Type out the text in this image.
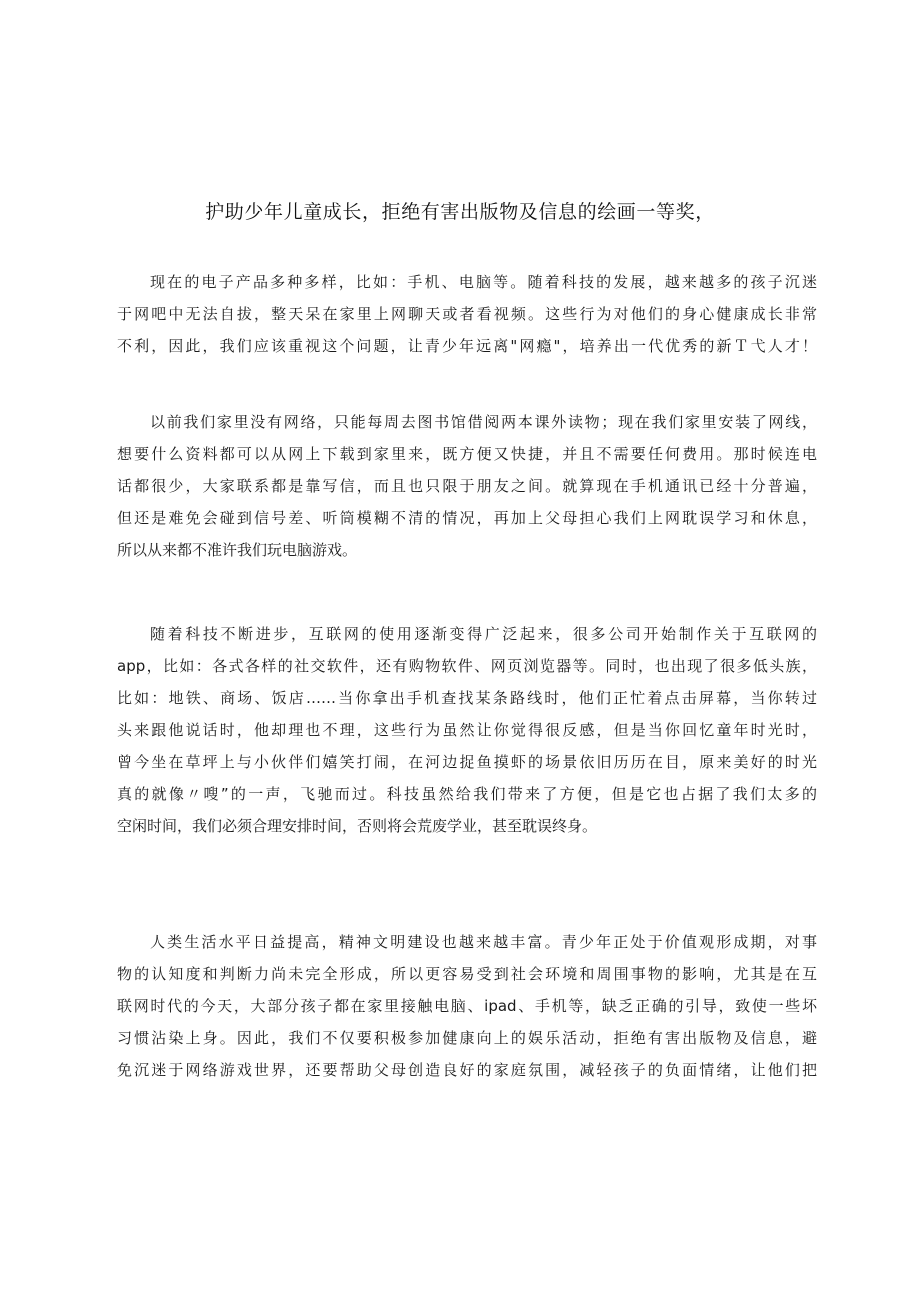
护助少年儿童成长，拒绝有害出版物及信息的绘画一等奖，
现在的电子产品多种多样，比如：手机、电脑等。随着科技的发展，越来越多的孩子沉迷
于网吧中无法自拔，整天呆在家里上网聊天或者看视频。这些行为对他们的身心健康成长非常
不利，因此，我们应该重视这个问题，让青少年远离"网瘾"，培养出一代优秀的新Ｔ弋人才！
以前我们家里没有网络，只能每周去图书馆借阅两本课外读物；现在我们家里安装了网线，
想要什么资料都可以从网上下载到家里来，既方便又快捷，并且不需要任何费用。那时候连电
话都很少，大家联系都是靠写信，而且也只限于朋友之间。就算现在手机通讯已经十分普遍，
但还是难免会碰到信号差、听筒模糊不清的情况，再加上父母担心我们上网耽误学习和休息，
所以从来都不准许我们玩电脑游戏。
随着科技不断进步，互联网的使用逐渐变得广泛起来，很多公司开始制作关于互联网的
app，比如：各式各样的社交软件，还有购物软件、网页浏览器等。同时，也出现了很多低头族，
比如：地铁、商场、饭店……当你拿出手机查找某条路线时，他们正忙着点击屏幕，当你转过
头来跟他说话时，他却理也不理，这些行为虽然让你觉得很反感，但是当你回忆童年时光时，
曾今坐在草坪上与小伙伴们嬉笑打闹，在河边捉鱼摸虾的场景依旧历历在目，原来美好的时光
真的就像〃嗖”的一声，飞驰而过。科技虽然给我们带来了方便，但是它也占据了我们太多的
空闲时间，我们必须合理安排时间，否则将会荒废学业，甚至耽误终身。
人类生活水平日益提高，精神文明建设也越来越丰富。青少年正处于价值观形成期，对事
物的认知度和判断力尚未完全形成，所以更容易受到社会环境和周围事物的影响，尤其是在互
联网时代的今天，大部分孩子都在家里接触电脑、ipad、手机等，缺乏正确的引导，致使一些坏
习惯沾染上身。因此，我们不仅要积极参加健康向上的娱乐活动，拒绝有害出版物及信息，避
免沉迷于网络游戏世界，还要帮助父母创造良好的家庭氛围，减轻孩子的负面情绪，让他们把
